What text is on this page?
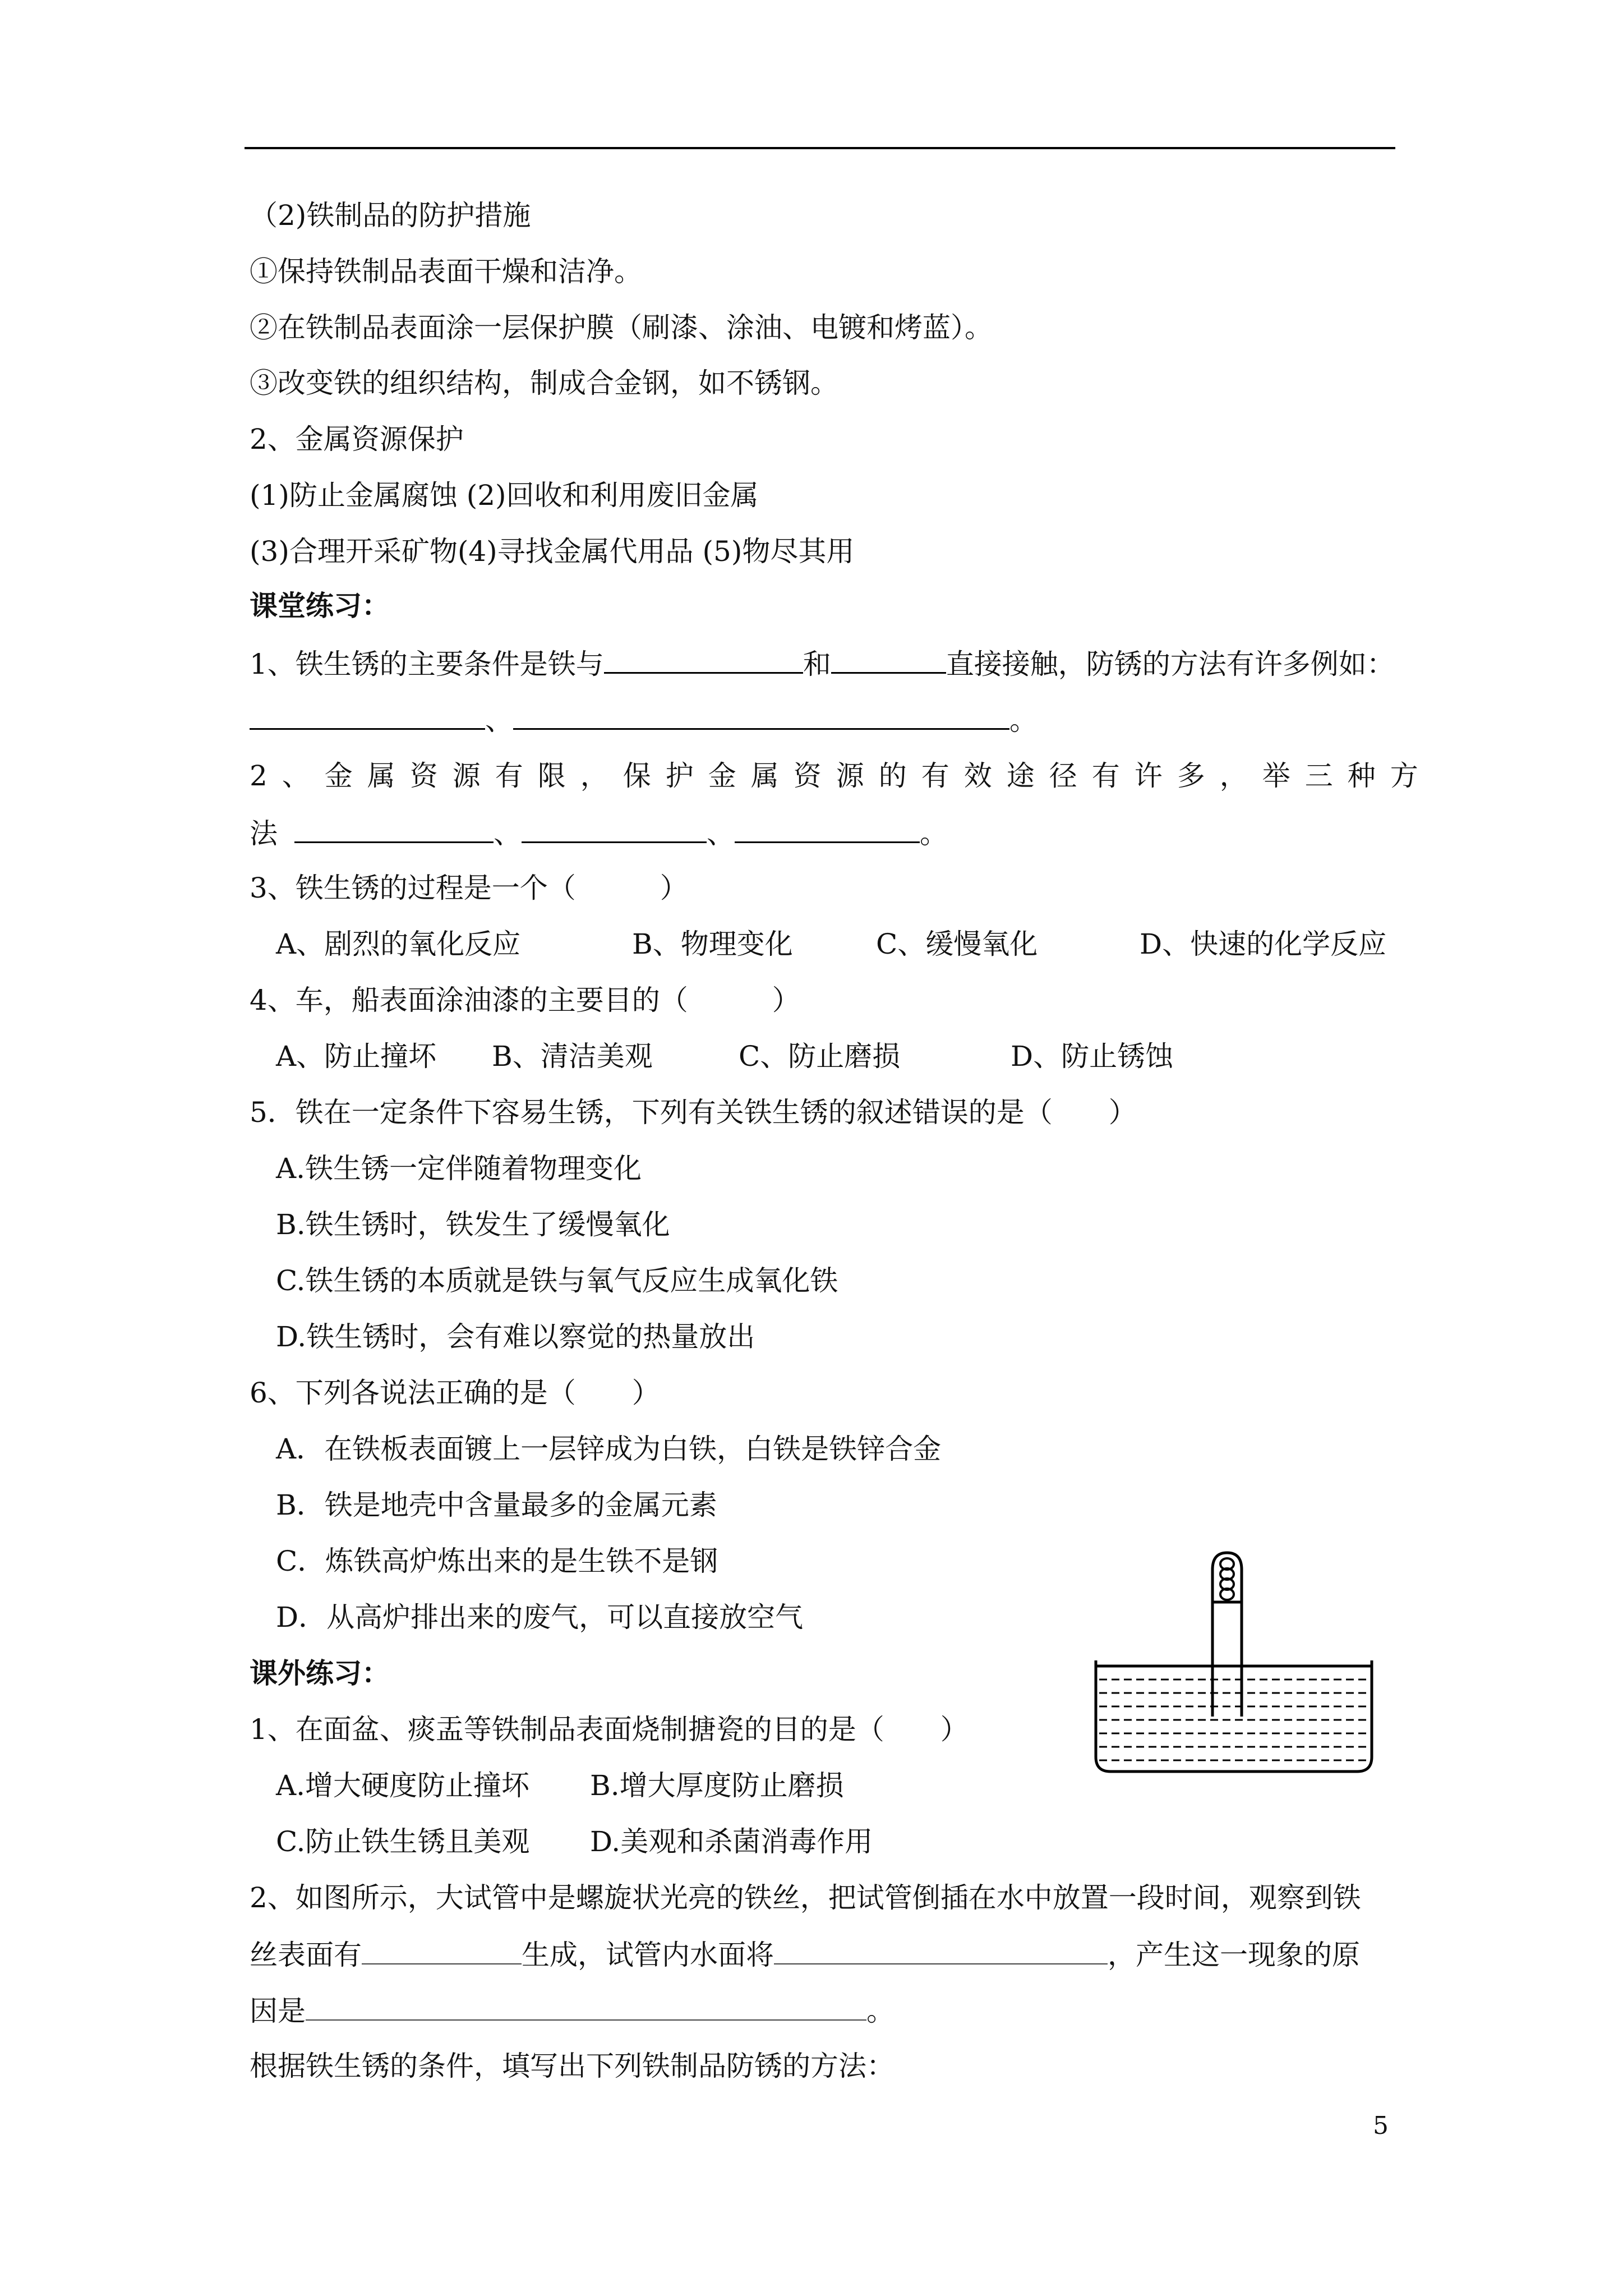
（2)铁制品的防护措施
①保持铁制品表面干燥和洁净。
②在铁制品表面涂一层保护膜（刷漆、涂油、电镀和烤蓝）。
③改变铁的组织结构，制成合金钢，如不锈钢。
2、金属资源保护
(1)防止金属腐蚀 (2)回收和利用废旧金属
(3)合理开采矿物(4)寻找金属代用品 (5)物尽其用
课堂练习：
1、铁生锈的主要条件是铁与	和	直接接触，防锈的方法有许多例如：
、	。
2、金属资源有限，保护金属资源的有效途径有许多，举三种方
法	、	、	。
3、铁生锈的过程是一个（　　　）
A、剧烈的氧化反应	B、物理变化	C、缓慢氧化	D、快速的化学反应
4、车，船表面涂油漆的主要目的（　　　）
A、防止撞坏 B、清洁美观	C、防止磨损	D、防止锈蚀
5．铁在一定条件下容易生锈，下列有关铁生锈的叙述错误的是（　　）
A.铁生锈一定伴随着物理变化
B.铁生锈时，铁发生了缓慢氧化
C.铁生锈的本质就是铁与氧气反应生成氧化铁
D.铁生锈时，会有难以察觉的热量放出
6、下列各说法正确的是（　　）
A．在铁板表面镀上一层锌成为白铁，白铁是铁锌合金
B．铁是地壳中含量最多的金属元素
C．炼铁高炉炼出来的是生铁不是钢
D．从高炉排出来的废气，可以直接放空气
课外练习：
1、在面盆、痰盂等铁制品表面烧制搪瓷的目的是（　　）
A.增大硬度防止撞坏 B.增大厚度防止磨损
C.防止铁生锈且美观 D.美观和杀菌消毒作用
2、如图所示，大试管中是螺旋状光亮的铁丝，把试管倒插在水中放置一段时间，观察到铁
丝表面有	生成，试管内水面将	，产生这一现象的原
因是	。
根据铁生锈的条件，填写出下列铁制品防锈的方法：
5
